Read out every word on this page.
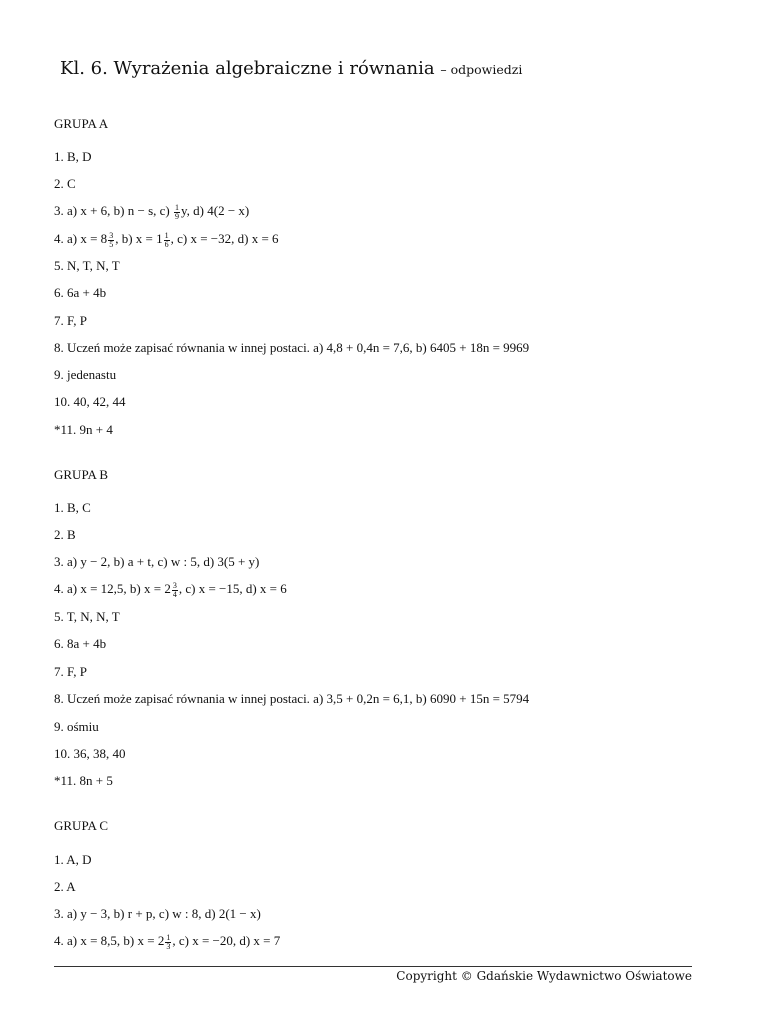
Kl. 6. Wyrażenia algebraiczne i równania – odpowiedzi
GRUPA A
1. B, D
2. C
3. a) x + 6, b) n − s, $c) \frac{1}{9} y$, d) 4(2 − x)
4. a) $x = 8 \frac{3}{5}$ , b) $x = 1 \frac{1}{6}$ , c) x = −32, d) x = 6
5. N, T, N, T
6. 6a + 4b
7. F, P
8. Uczeń może zapisać równania w innej postaci. a) 4,8 + 0,4n = 7,6, b) 6405 + 18n = 9969
9. jedenastu
10. 40, 42, 44
*11. 9n + 4
GRUPA B
1. B, C
2. B
3. a) y − 2, b) a + t, c) w : 5, d) 3(5 + y)
4. a) x = 12,5, b) $x = 2 \frac{3}{4}$ , c) x = −15, d) x = 6
5. T, N, N, T
6. 8a + 4b
7. F, P
8. Uczeń może zapisać równania w innej postaci. a) 3,5 + 0,2n = 6,1, b) 6090 + 15n = 5794
9. ośmiu
10. 36, 38, 40
*11. 8n + 5
GRUPA C
1. A, D
2. A
3. a) y − 3, b) r + p, c) w : 8, d) 2(1 − x)
4. a) x = 8,5, b) $x = 2 \frac{1}{3}$ , c) x = −20, d) x = 7
Copyright © Gdańskie Wydawnictwo Oświatowe
